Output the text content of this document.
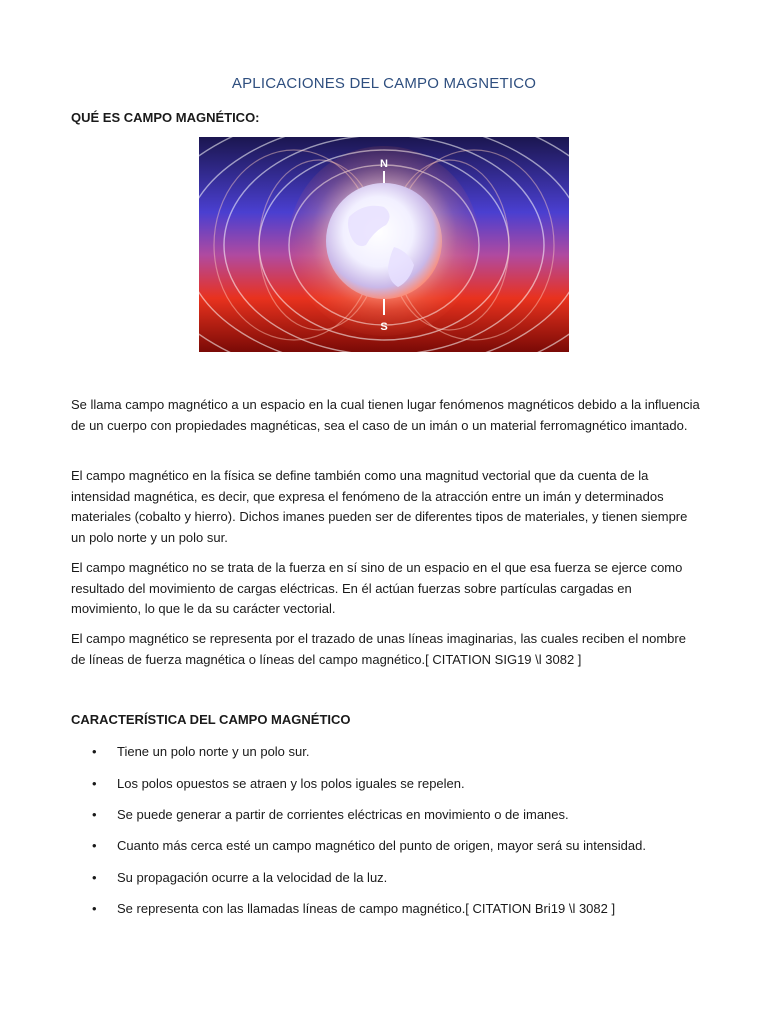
APLICACIONES DEL CAMPO MAGNETICO
QUÉ ES CAMPO MAGNÉTICO:
N
S

Se llama campo magnético a un espacio en la cual tienen lugar fenómenos magnéticos debido a la influencia de un cuerpo con propiedades magnéticas, sea el caso de un imán o un material ferromagnético imantado.

El campo magnético en la física se define también como una magnitud vectorial que da cuenta de la intensidad magnética, es decir, que expresa el fenómeno de la atracción entre un imán y determinados materiales (cobalto y hierro). Dichos imanes pueden ser de diferentes tipos de materiales, y tienen siempre un polo norte y un polo sur.

El campo magnético no se trata de la fuerza en sí sino de un espacio en el que esa fuerza se ejerce como resultado del movimiento de cargas eléctricas. En él actúan fuerzas sobre partículas cargadas en movimiento, lo que le da su carácter vectorial.

El campo magnético se representa por el trazado de unas líneas imaginarias, las cuales reciben el nombre de líneas de fuerza magnética o líneas del campo magnético.[ CITATION SIG19 \l 3082 ]

CARACTERÍSTICA DEL CAMPO MAGNÉTICO
• Tiene un polo norte y un polo sur.
• Los polos opuestos se atraen y los polos iguales se repelen.
• Se puede generar a partir de corrientes eléctricas en movimiento o de imanes.
• Cuanto más cerca esté un campo magnético del punto de origen, mayor será su intensidad.
• Su propagación ocurre a la velocidad de la luz.
• Se representa con las llamadas líneas de campo magnético.[ CITATION Bri19 \l 3082 ]
